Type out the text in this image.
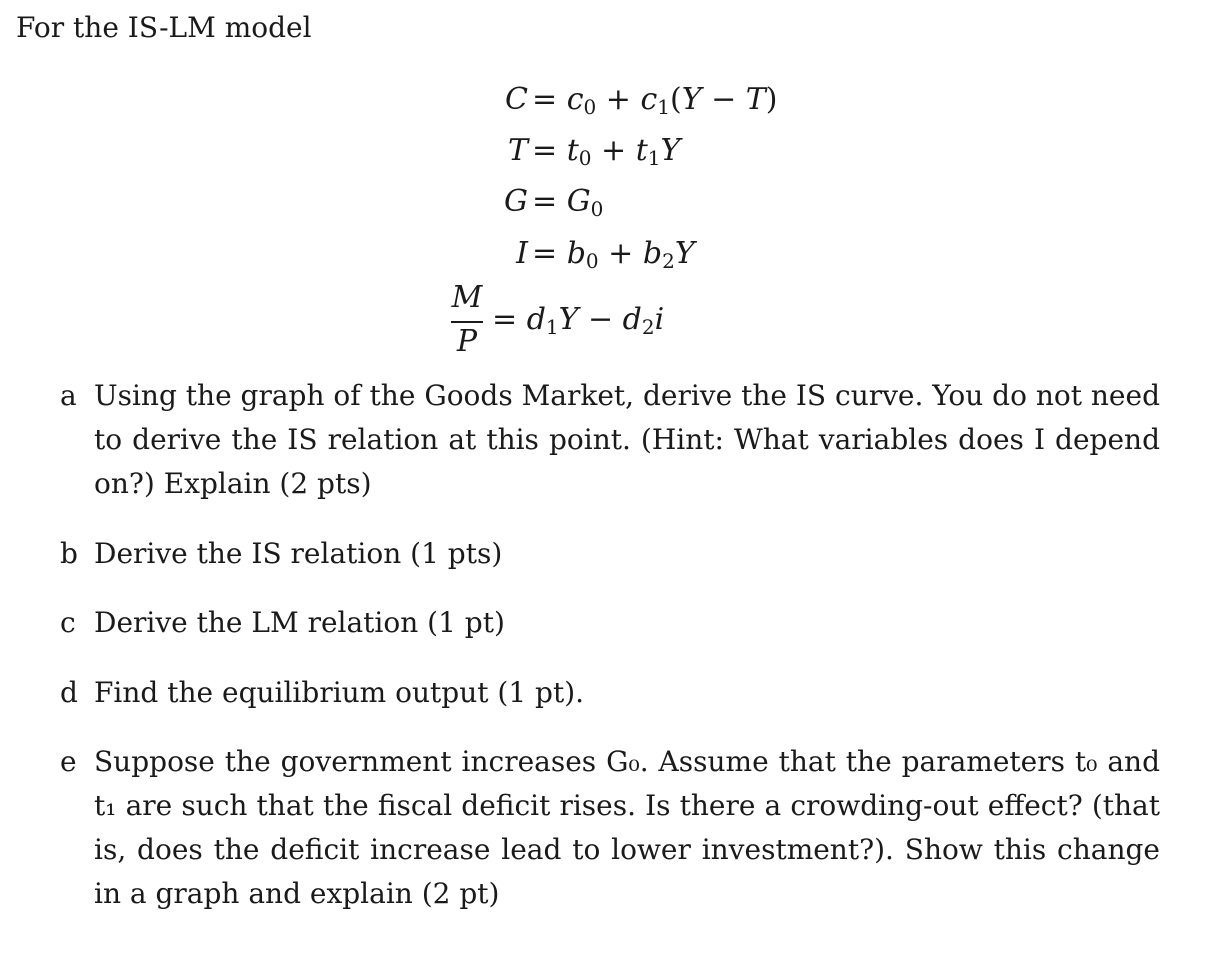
For the IS-LM model
$C = c_0 + c_1(Y - T)$
$T = t_0 + t_1Y$
$G = G_0$
$I = b_0 + b_2Y$
M
P
= $d_1Y - d_2i$
a Using the graph of the Goods Market, derive the IS curve. You do not need to derive the IS relation at this point. (Hint: What variables does I depend on?) Explain (2 pts)
b Derive the IS relation (1 pts)
c Derive the LM relation (1 pt)
d Find the equilibrium output (1 pt).
e Suppose the government increases G₀. Assume that the parameters t₀ and t₁ are such that the fiscal deficit rises. Is there a crowding-out effect? (that is, does the deficit increase lead to lower investment?). Show this change in a graph and explain (2 pt)
